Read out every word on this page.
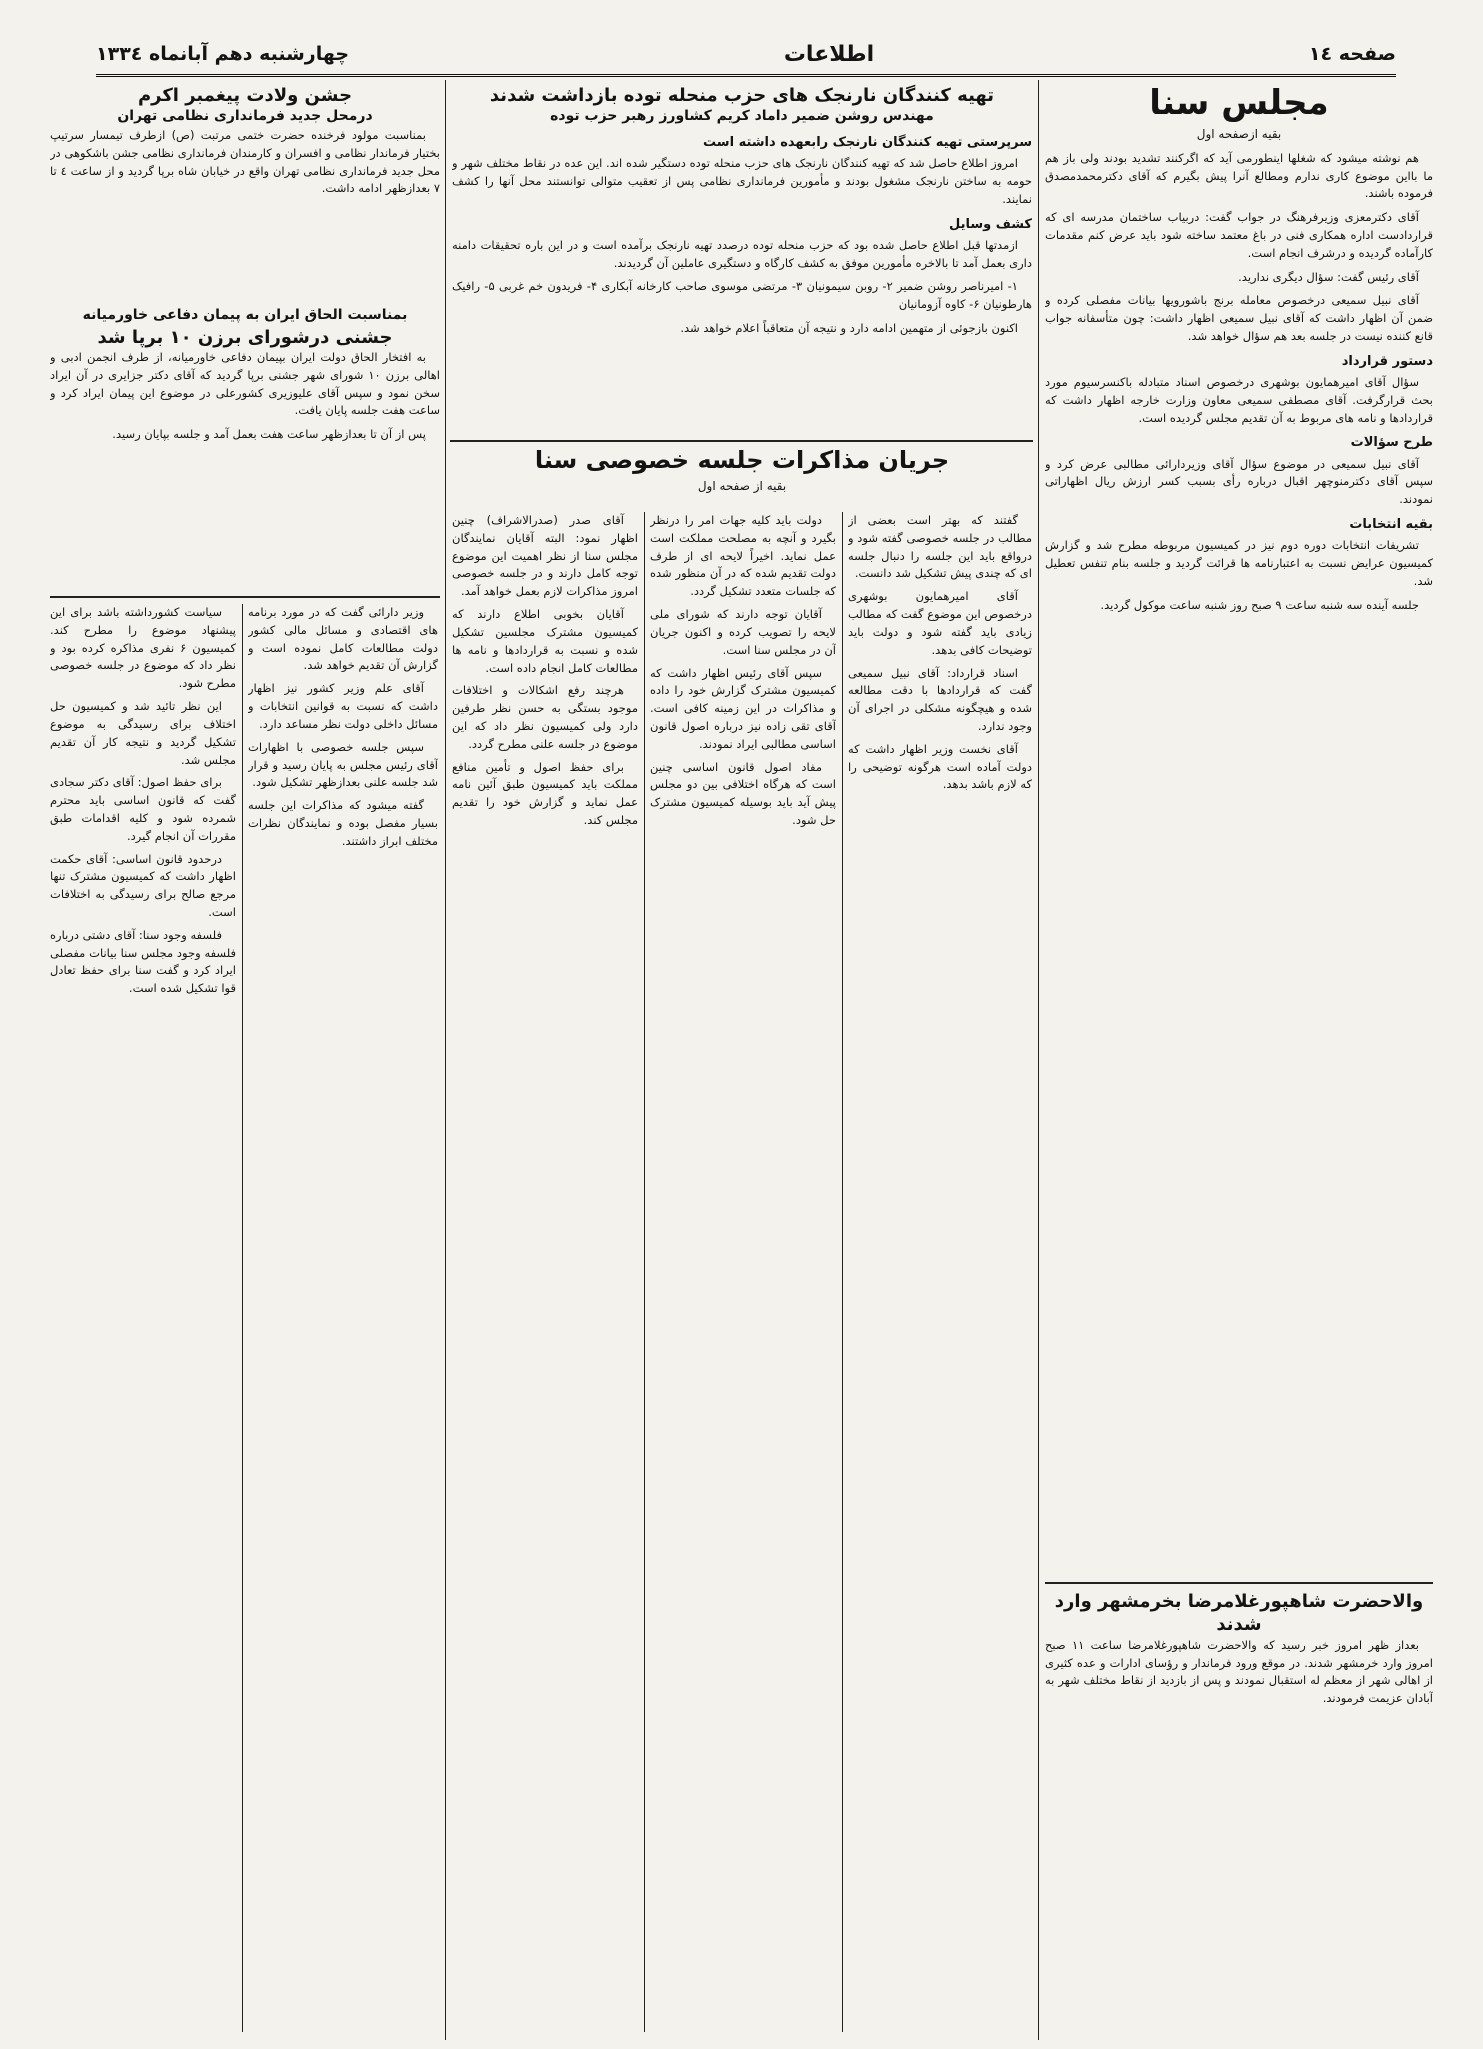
صفحه ۱٤
اطلاعات
چهارشنبه دهم آبانماه ۱۳۳٤
مجلس سنا
بقیه ازصفحه اول

هم نوشته میشود که شغلها اینطورمی آید که اگرکنند تشدید بودند ولی باز هم ما بااین موضوع کاری ندارم ومطالع آنرا پیش بگیرم که آقای دکترمحمدمصدق فرموده باشند.

آقای دکترمعزی وزیرفرهنگ در جواب گفت: دربیاب ساختمان مدرسه ای که قراردادست اداره همکاری فنی در باغ معتمد ساخته شود باید عرض کنم مقدمات کارآماده گردیده و درشرف انجام است.

آقای رئیس گفت: سؤال دیگری ندارید.

آقای نبیل سمیعی درخصوص معامله برنج باشورویها بیانات مفصلی کرده و ضمن آن اظهار داشت که آقای نبیل سمیعی اظهار داشت: چون متأسفانه جواب قانع کننده نیست در جلسه بعد هم سؤال خواهد شد.

دستور قرارداد

سؤال آقای امیرهمایون بوشهری درخصوص اسناد متبادله باکنسرسیوم مورد بحث قرارگرفت. آقای مصطفی سمیعی معاون وزارت خارجه اظهار داشت که قراردادها و نامه های مربوط به آن تقدیم مجلس گردیده است.

طرح سؤالات

آقای نبیل سمیعی در موضوع سؤال آقای وزیردارائی مطالبی عرض کرد و سپس آقای دکترمنوچهر اقبال درباره رأی بسبب کسر ارزش ریال اظهاراتی نمودند.

بقیه انتخابات

تشریفات انتخابات دوره دوم نیز در کمیسیون مربوطه مطرح شد و گزارش کمیسیون عرایض نسبت به اعتبارنامه ها قرائت گردید و جلسه بنام تنفس تعطیل شد.

جلسه آینده سه شنبه ساعت ۹ صبح روز شنبه ساعت موکول گردید.

والاحضرت شاهپورغلامرضا بخرمشهر وارد شدند

بعداز ظهر امروز خبر رسید که والاحضرت شاهپورغلامرضا ساعت ۱۱ صبح امروز وارد خرمشهر شدند. در موقع ورود فرماندار و رؤسای ادارات و عده کثیری از اهالی شهر از معظم له استقبال نمودند و پس از بازدید از نقاط مختلف شهر به آبادان عزیمت فرمودند.

تهیه کنندگان نارنجک های حزب منحله توده بازداشت شدند
مهندس روشن ضمیر داماد کریم کشاورز رهبر حزب توده
سرپرستی تهیه کنندگان نارنجک رابعهده داشته است

امروز اطلاع حاصل شد که تهیه کنندگان نارنجک های حزب منحله توده دستگیر شده اند. این عده در نقاط مختلف شهر و حومه به ساختن نارنجک مشغول بودند و مأمورین فرمانداری نظامی پس از تعقیب متوالی توانستند محل آنها را کشف نمایند.

کشف وسایل

ازمدتها قبل اطلاع حاصل شده بود که حزب منحله توده درصدد تهیه نارنجک برآمده است و در این باره تحقیقات دامنه داری بعمل آمد تا بالاخره مأمورین موفق به کشف کارگاه و دستگیری عاملین آن گردیدند.

۱- امیرناصر روشن ضمیر ۲- روبن سیمونیان ۳- مرتضی موسوی صاحب کارخانه آبکاری ۴- فریدون خم غربی ۵- رافیک هارطونیان ۶- کاوه آزومانیان

اکنون بازجوئی از متهمین ادامه دارد و نتیجه آن متعاقباً اعلام خواهد شد.

جشن ولادت پیغمبر اکرم
درمحل جدید فرمانداری نظامی تهران

بمناسبت مولود فرخنده حضرت ختمی مرتبت (ص) ازطرف تیمسار سرتیپ بختیار فرماندار نظامی و افسران و کارمندان فرمانداری نظامی جشن باشکوهی در محل جدید فرمانداری نظامی تهران واقع در خیابان شاه برپا گردید و از ساعت ٤ تا ۷ بعدازظهر ادامه داشت.

بمناسبت الحاق ایران به پیمان دفاعی خاورمیانه
جشنی درشورای برزن ۱۰ برپا شد

به افتخار الحاق دولت ایران بپیمان دفاعی خاورمیانه، از طرف انجمن ادبی و اهالی برزن ۱۰ شورای شهر جشنی برپا گردید که آقای دکتر جزایری در آن ایراد سخن نمود و سپس آقای علیوزیری کشورعلی در موضوع این پیمان ایراد کرد و ساعت هفت جلسه پایان یافت.

پس از آن تا بعدازظهر ساعت هفت بعمل آمد و جلسه بپایان رسید.

جریان مذاکرات جلسه خصوصی سنا
بقیه از صفحه اول

گفتند که بهتر است بعضی از مطالب در جلسه خصوصی گفته شود و درواقع باید این جلسه را دنبال جلسه ای که چندی پیش تشکیل شد دانست.

آقای امیرهمایون بوشهری درخصوص این موضوع گفت که مطالب زیادی باید گفته شود و دولت باید توضیحات کافی بدهد.

اسناد قرارداد: آقای نبیل سمیعی گفت که قراردادها با دقت مطالعه شده و هیچگونه مشکلی در اجرای آن وجود ندارد.

آقای نخست وزیر اظهار داشت که دولت آماده است هرگونه توضیحی را که لازم باشد بدهد.

دولت باید کلیه جهات امر را درنظر بگیرد و آنچه به مصلحت مملکت است عمل نماید. اخیراً لایحه ای از طرف دولت تقدیم شده که در آن منظور شده که جلسات متعدد تشکیل گردد.

آقایان توجه دارند که شورای ملی لایحه را تصویب کرده و اکنون جریان آن در مجلس سنا است.

سپس آقای رئیس اظهار داشت که کمیسیون مشترک گزارش خود را داده و مذاکرات در این زمینه کافی است. آقای تقی زاده نیز درباره اصول قانون اساسی مطالبی ایراد نمودند.

مفاد اصول قانون اساسی چنین است که هرگاه اختلافی بین دو مجلس پیش آید باید بوسیله کمیسیون مشترک حل شود.

آقای صدر (صدرالاشراف) چنین اظهار نمود: البته آقایان نمایندگان مجلس سنا از نظر اهمیت این موضوع توجه کامل دارند و در جلسه خصوصی امروز مذاکرات لازم بعمل خواهد آمد.

آقایان بخوبی اطلاع دارند که کمیسیون مشترک مجلسین تشکیل شده و نسبت به قراردادها و نامه ها مطالعات کامل انجام داده است.

هرچند رفع اشکالات و اختلافات موجود بستگی به حسن نظر طرفین دارد ولی کمیسیون نظر داد که این موضوع در جلسه علنی مطرح گردد.

برای حفظ اصول و تأمین منافع مملکت باید کمیسیون طبق آئین نامه عمل نماید و گزارش خود را تقدیم مجلس کند.

وزیر دارائی گفت که در مورد برنامه های اقتصادی و مسائل مالی کشور دولت مطالعات کامل نموده است و گزارش آن تقدیم خواهد شد.

آقای علم وزیر کشور نیز اظهار داشت که نسبت به قوانین انتخابات و مسائل داخلی دولت نظر مساعد دارد.

سپس جلسه خصوصی با اظهارات آقای رئیس مجلس به پایان رسید و قرار شد جلسه علنی بعدازظهر تشکیل شود.

گفته میشود که مذاکرات این جلسه بسیار مفصل بوده و نمایندگان نظرات مختلف ابراز داشتند.

سیاست کشورداشته باشد برای این پیشنهاد موضوع را مطرح کند. کمیسیون ۶ نفری مذاکره کرده بود و نظر داد که موضوع در جلسه خصوصی مطرح شود.

این نظر تائید شد و کمیسیون حل اختلاف برای رسیدگی به موضوع تشکیل گردید و نتیجه کار آن تقدیم مجلس شد.

برای حفظ اصول: آقای دکتر سجادی گفت که قانون اساسی باید محترم شمرده شود و کلیه اقدامات طبق مقررات آن انجام گیرد.

درحدود قانون اساسی: آقای حکمت اظهار داشت که کمیسیون مشترک تنها مرجع صالح برای رسیدگی به اختلافات است.

فلسفه وجود سنا: آقای دشتی درباره فلسفه وجود مجلس سنا بیانات مفصلی ایراد کرد و گفت سنا برای حفظ تعادل قوا تشکیل شده است.
